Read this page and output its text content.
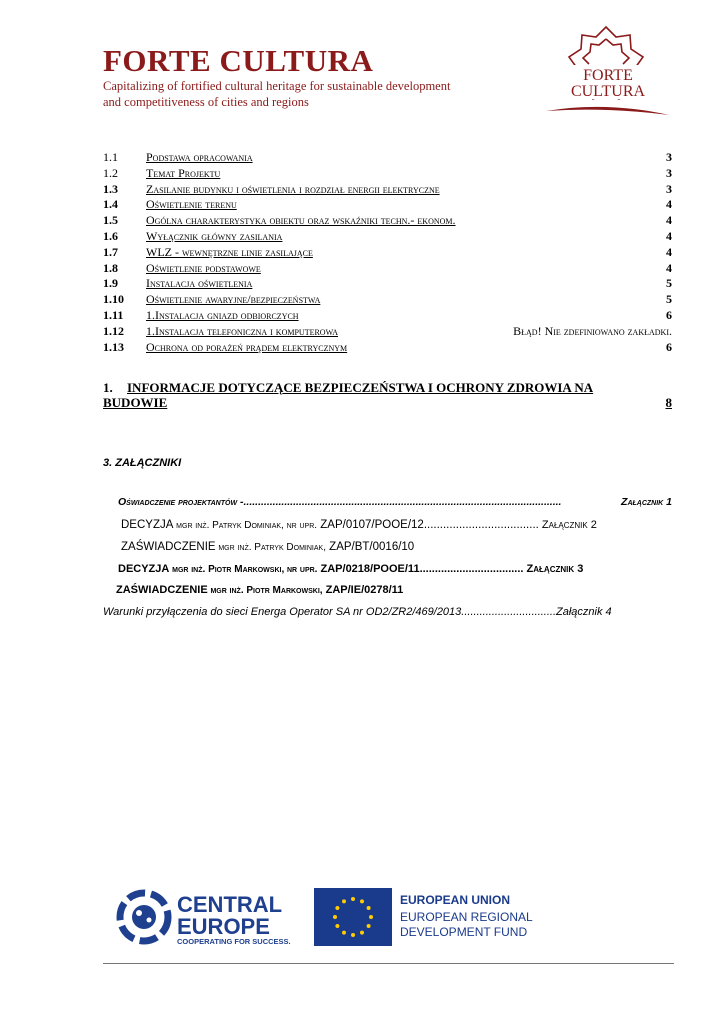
FORTE CULTURA
Capitalizing of fortified cultural heritage for sustainable development
and competitiveness of cities and regions
FORTE
CULTURA
1.1	Podstawa opracowania	3
1.2	Temat Projektu	3
1.3	Zasilanie budynku i oświetlenia i rozdział energii elektryczne	3
1.4	Oświetlenie terenu	4
1.5	Ogólna charakterystyka obiektu oraz wskaźniki techn.- ekonom.	4
1.6	Wyłącznik główny zasilania	4
1.7	WLZ - wewnętrzne linie zasilające	4
1.8	Oświetlenie podstawowe	4
1.9	Instalacja oświetlenia	5
1.10	Oświetlenie awaryjne/bezpieczeństwa	5
1.11	1.Instalacja gniazd odbiorczych	6
1.12	1.Instalacja telefoniczna i komputerowa	Błąd! Nie zdefiniowano zakładki.
1.13	Ochrona od porażeń prądem elektrycznym	6
1.	INFORMACJE DOTYCZĄCE BEZPIECZEŃSTWA I OCHRONY ZDROWIA NA
BUDOWIE	8
3. ZAŁĄCZNIKI
Oświadczenie projektantów - .............................................................................................................	Załącznik 1
DECYZJA mgr inż. Patryk Dominiak, nr upr. ZAP/0107/POOE/12.................................... Załącznik 2
ZAŚWIADCZENIE mgr inż. Patryk Dominiak, ZAP/BT/0016/10
DECYZJA mgr inż. Piotr Markowski, nr upr. ZAP/0218/POOE/11.................................. Załącznik 3
ZAŚWIADCZENIE mgr inż. Piotr Markowski, ZAP/IE/0278/11
Warunki przyłączenia do sieci Energa Operator SA nr OD2/ZR2/469/2013...............................Załącznik 4
CENTRAL
EUROPE
COOPERATING FOR SUCCESS.
EUROPEAN UNION
EUROPEAN REGIONAL
DEVELOPMENT FUND
